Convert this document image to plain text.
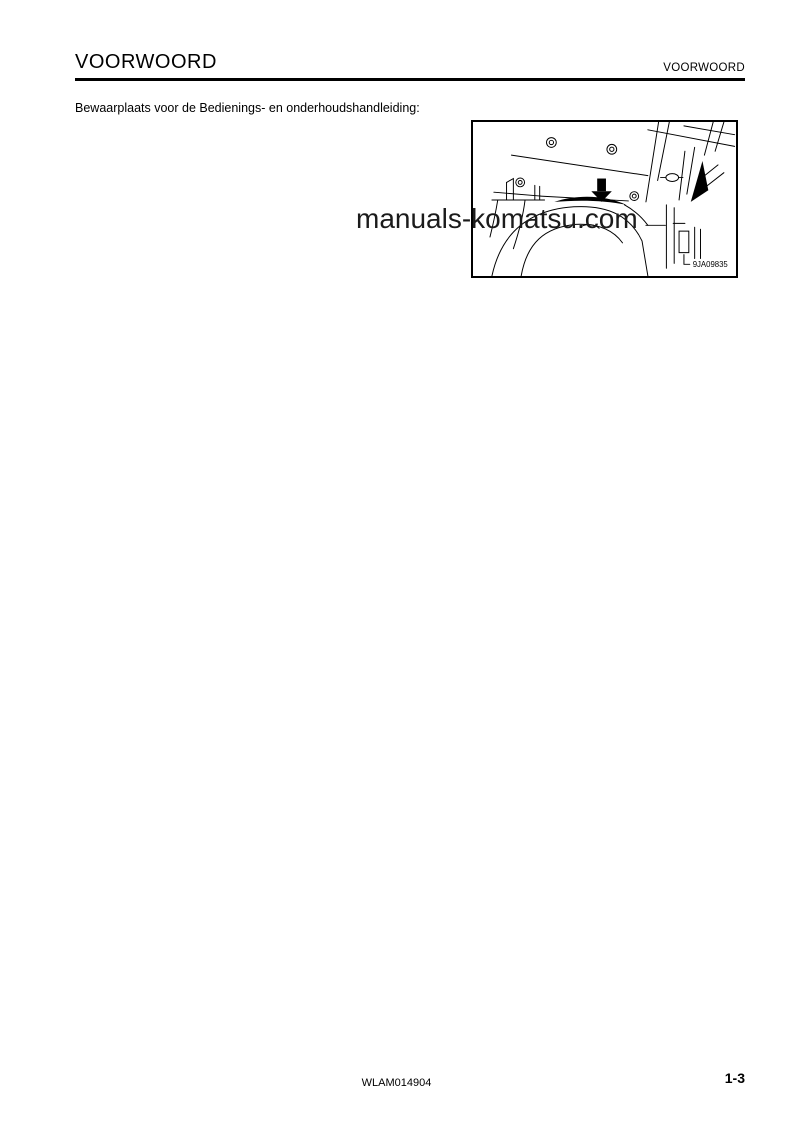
VOORWOORD	VOORWOORD
Bewaarplaats voor de Bedienings- en onderhoudshandleiding:
9JA09835
manuals-komatsu.com
WLAM014904	1-3
